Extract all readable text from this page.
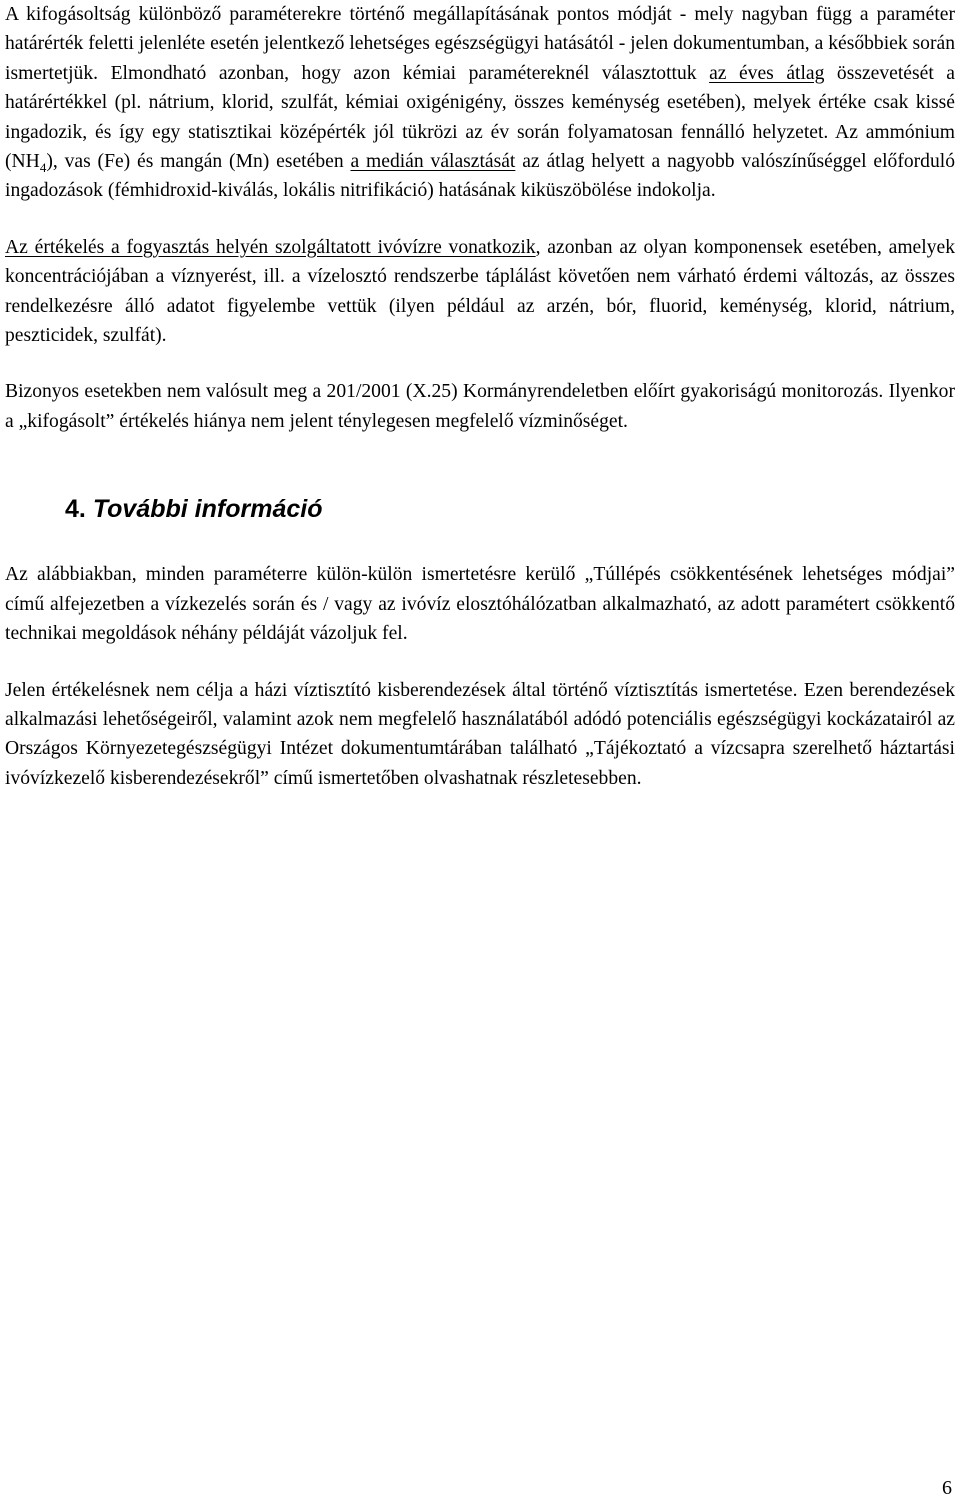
A kifogásoltság különböző paraméterekre történő megállapításának pontos módját - mely nagyban függ a paraméter határérték feletti jelenléte esetén jelentkező lehetséges egészségügyi hatásától - jelen dokumentumban, a későbbiek során ismertetjük. Elmondható azonban, hogy azon kémiai paramétereknél választottuk az éves átlag összevetését a határértékkel (pl. nátrium, klorid, szulfát, kémiai oxigénigény, összes keménység esetében), melyek értéke csak kissé ingadozik, és így egy statisztikai középérték jól tükrözi az év során folyamatosan fennálló helyzetet. Az ammónium $(NH_4)$, vas (Fe) és mangán (Mn) esetében a medián választását az átlag helyett a nagyobb valószínűséggel előforduló ingadozások (fémhidroxid-kiválás, lokális nitrifikáció) hatásának kiküszöbölése indokolja.

Az értékelés a fogyasztás helyén szolgáltatott ivóvízre vonatkozik, azonban az olyan komponensek esetében, amelyek koncentrációjában a víznyerést, ill. a vízelosztó rendszerbe táplálást követően nem várható érdemi változás, az összes rendelkezésre álló adatot figyelembe vettük (ilyen például az arzén, bór, fluorid, keménység, klorid, nátrium, peszticidek, szulfát).

Bizonyos esetekben nem valósult meg a 201/2001 (X.25) Kormányrendeletben előírt gyakoriságú monitorozás. Ilyenkor a „kifogásolt” értékelés hiánya nem jelent ténylegesen megfelelő vízminőséget.

4. További információ

Az alábbiakban, minden paraméterre külön-külön ismertetésre kerülő „Túllépés csökkentésének lehetséges módjai” című alfejezetben a vízkezelés során és / vagy az ivóvíz elosztóhálózatban alkalmazható, az adott paramétert csökkentő technikai megoldások néhány példáját vázoljuk fel.

Jelen értékelésnek nem célja a házi víztisztító kisberendezések által történő víztisztítás ismertetése. Ezen berendezések alkalmazási lehetőségeiről, valamint azok nem megfelelő használatából adódó potenciális egészségügyi kockázatairól az Országos Környezetegészségügyi Intézet dokumentumtárában található „Tájékoztató a vízcsapra szerelhető háztartási ivóvízkezelő kisberendezésekről” című ismertetőben olvashatnak részletesebben.

6
